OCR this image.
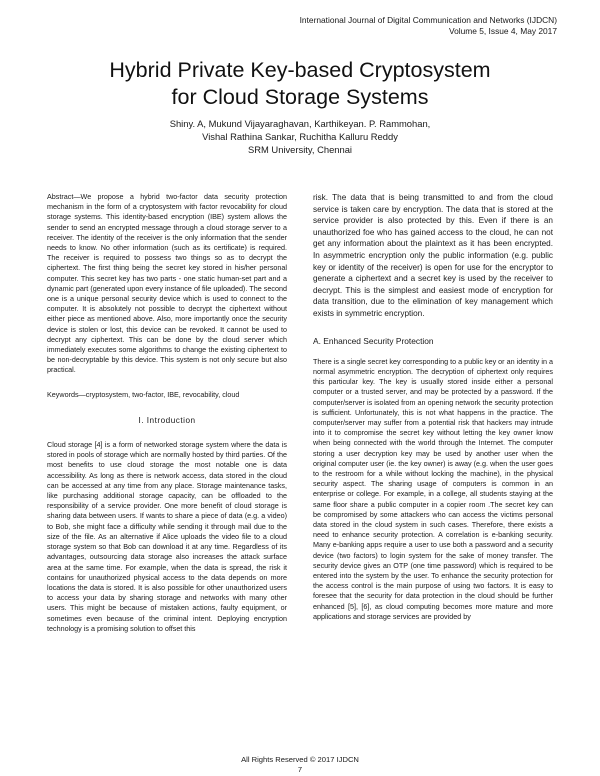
International Journal of Digital Communication and Networks (IJDCN)
Volume 5, Issue 4, May 2017
Hybrid Private Key-based Cryptosystem
for Cloud Storage Systems
Shiny. A, Mukund Vijayaraghavan, Karthikeyan. P. Rammohan,
Vishal Rathina Sankar, Ruchitha Kalluru Reddy
SRM University, Chennai

Abstract—We propose a hybrid two-factor data security protection mechanism in the form of a cryptosystem with factor revocability for cloud storage systems. This identity-based encryption (IBE) system allows the sender to send an encrypted message through a cloud storage server to a receiver. The identity of the receiver is the only information that the sender needs to know. No other information (such as its certificate) is required. The receiver is required to possess two things so as to decrypt the ciphertext. The first thing being the secret key stored in his/her personal computer. This secret key has two parts - one static human-set part and a dynamic part (generated upon every instance of file uploaded). The second one is a unique personal security device which is used to connect to the computer. It is absolutely not possible to decrypt the ciphertext without either piece as mentioned above. Also, more importantly once the security device is stolen or lost, this device can be revoked. It cannot be used to decrypt any ciphertext. This can be done by the cloud server which immediately executes some algorithms to change the existing ciphertext to be non-decryptable by this device. This system is not only secure but also practical.

Keywords—cryptosystem, two-factor, IBE, revocability, cloud

I. Introduction

Cloud storage [4] is a form of networked storage system where the data is stored in pools of storage which are normally hosted by third parties. Of the most benefits to use cloud storage the most notable one is data accessibility. As long as there is network access, data stored in the cloud can be accessed at any time from any place. Storage maintenance tasks, like purchasing additional storage capacity, can be offloaded to the responsibility of a service provider. One more benefit of cloud storage is sharing data between users. If wants to share a piece of data (e.g. a video) to Bob, she might face a difficulty while sending it through mail due to the size of the file. As an alternative if Alice uploads the video file to a cloud storage system so that Bob can download it at any time. Regardless of its advantages, outsourcing data storage also increases the attack surface area at the same time. For example, when the data is spread, the risk it contains for unauthorized physical access to the data depends on more locations the data is stored. It is also possible for other unauthorized users to access your data by sharing storage and networks with many other users. This might be because of mistaken actions, faulty equipment, or sometimes even because of the criminal intent. Deploying encryption technology is a promising solution to offset this

risk. The data that is being transmitted to and from the cloud service is taken care by encryption. The data that is stored at the service provider is also protected by this. Even if there is an unauthorized foe who has gained access to the cloud, he can not get any information about the plaintext as it has been encrypted. In asymmetric encryption only the public information (e.g. public key or identity of the receiver) is open for use for the encryptor to generate a ciphertext and a secret key is used by the receiver to decrypt. This is the simplest and easiest mode of encryption for data transition, due to the elimination of key management which exists in symmetric encryption.

A. Enhanced Security Protection

There is a single secret key corresponding to a public key or an identity in a normal asymmetric encryption. The decryption of ciphertext only requires this particular key. The key is usually stored inside either a personal computer or a trusted server, and may be protected by a password. If the computer/server is isolated from an opening network the security protection is sufficient. Unfortunately, this is not what happens in the practice. The computer/server may suffer from a potential risk that hackers may intrude into it to compromise the secret key without letting the key owner know when being connected with the world through the Internet. The computer storing a user decryption key may be used by another user when the original computer user (ie. the key owner) is away (e.g. when the user goes to the restroom for a while without locking the machine), in the physical security aspect. The sharing usage of computers is common in an enterprise or college. For example, in a college, all students staying at the same floor share a public computer in a copier room .The secret key can be compromised by some attackers who can access the victims personal data stored in the cloud system in such cases. Therefore, there exists a need to enhance security protection. A correlation is e-banking security. Many e-banking apps require a user to use both a password and a security device (two factors) to login system for the sake of money transfer. The security device gives an OTP (one time password) which is required to be entered into the system by the user. To enhance the security protection for the access control is the main purpose of using two factors. It is easy to foresee that the security for data protection in the cloud should be further enhanced [5], [6], as cloud computing becomes more mature and more applications and storage services are provided by

All Rights Reserved © 2017 IJDCN
7
